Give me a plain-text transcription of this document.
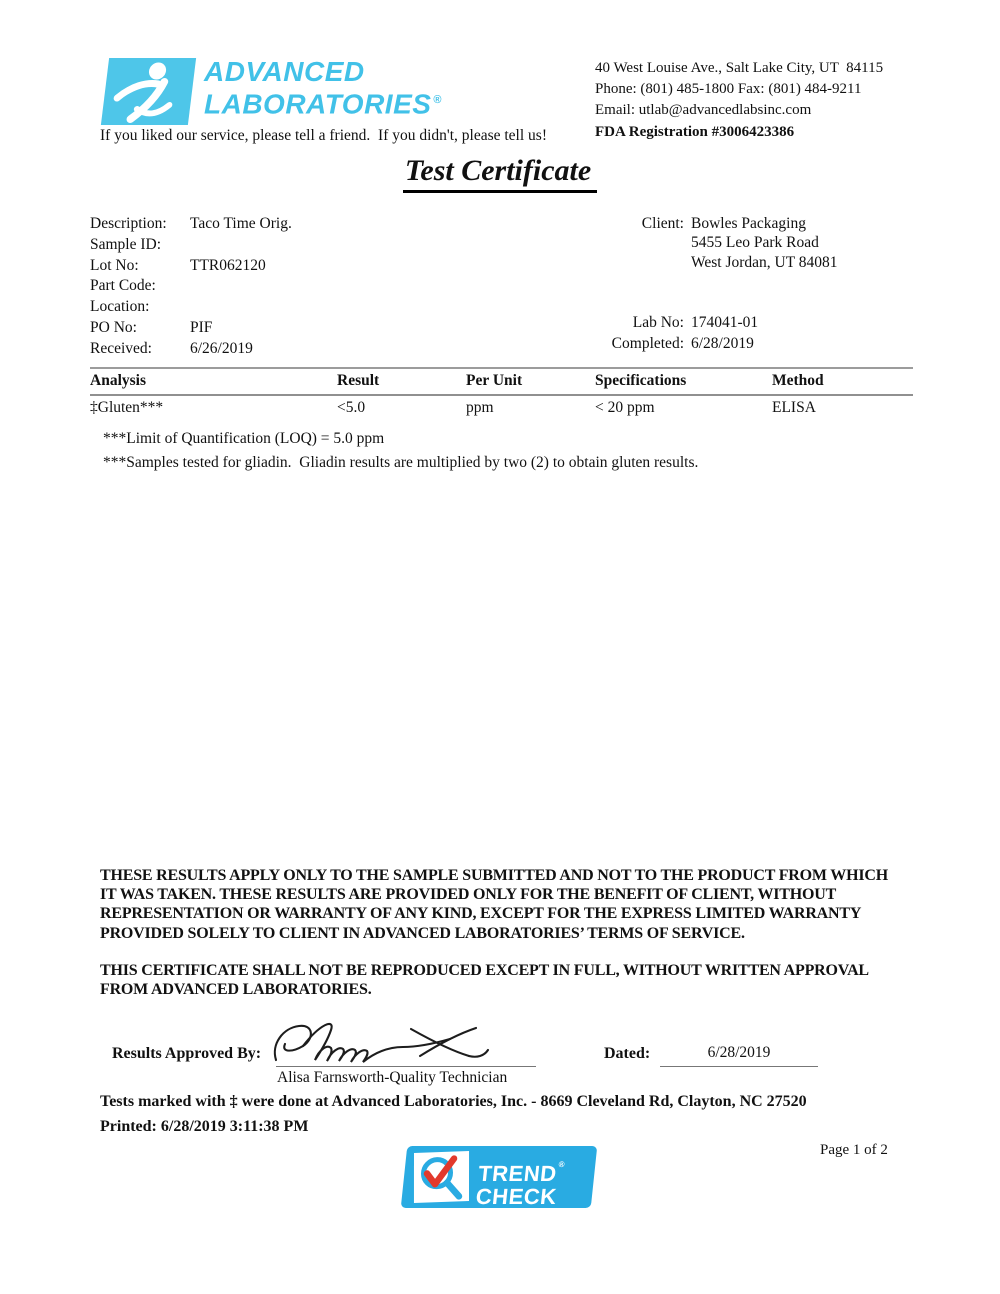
ADVANCED
LABORATORIES ®
If you liked our service, please tell a friend.  If you didn't, please tell us!
40 West Louise Ave., Salt Lake City, UT  84115
Phone: (801) 485-1800 Fax: (801) 484-9211
Email: utlab@advancedlabsinc.com
FDA Registration #3006423386
Test Certificate
Description:	Taco Time Orig.
Sample ID:
Lot No:	TTR062120
Part Code:
Location:
PO No:	PIF
Received:	6/26/2019
Client: Bowles Packaging
5455 Leo Park Road
West Jordan, UT 84081
Lab No: 174041-01
Completed: 6/28/2019
Analysis	Result	Per Unit	Specifications	Method
‡Gluten***	<5.0	ppm	< 20 ppm	ELISA
***Limit of Quantification (LOQ) = 5.0 ppm
***Samples tested for gliadin.  Gliadin results are multiplied by two (2) to obtain gluten results.
THESE RESULTS APPLY ONLY TO THE SAMPLE SUBMITTED AND NOT TO THE PRODUCT FROM WHICH IT WAS TAKEN. THESE RESULTS ARE PROVIDED ONLY FOR THE BENEFIT OF CLIENT, WITHOUT REPRESENTATION OR WARRANTY OF ANY KIND, EXCEPT FOR THE EXPRESS LIMITED WARRANTY PROVIDED SOLELY TO CLIENT IN ADVANCED LABORATORIES’ TERMS OF SERVICE.
THIS CERTIFICATE SHALL NOT BE REPRODUCED EXCEPT IN FULL, WITHOUT WRITTEN APPROVAL FROM ADVANCED LABORATORIES.
Results Approved By:
Alisa Farnsworth-Quality Technician
Dated:	6/28/2019
Tests marked with ‡ were done at Advanced Laboratories, Inc. - 8669 Cleveland Rd, Clayton, NC 27520
Printed: 6/28/2019 3:11:38 PM
Page 1 of 2
TREND®
CHECK
